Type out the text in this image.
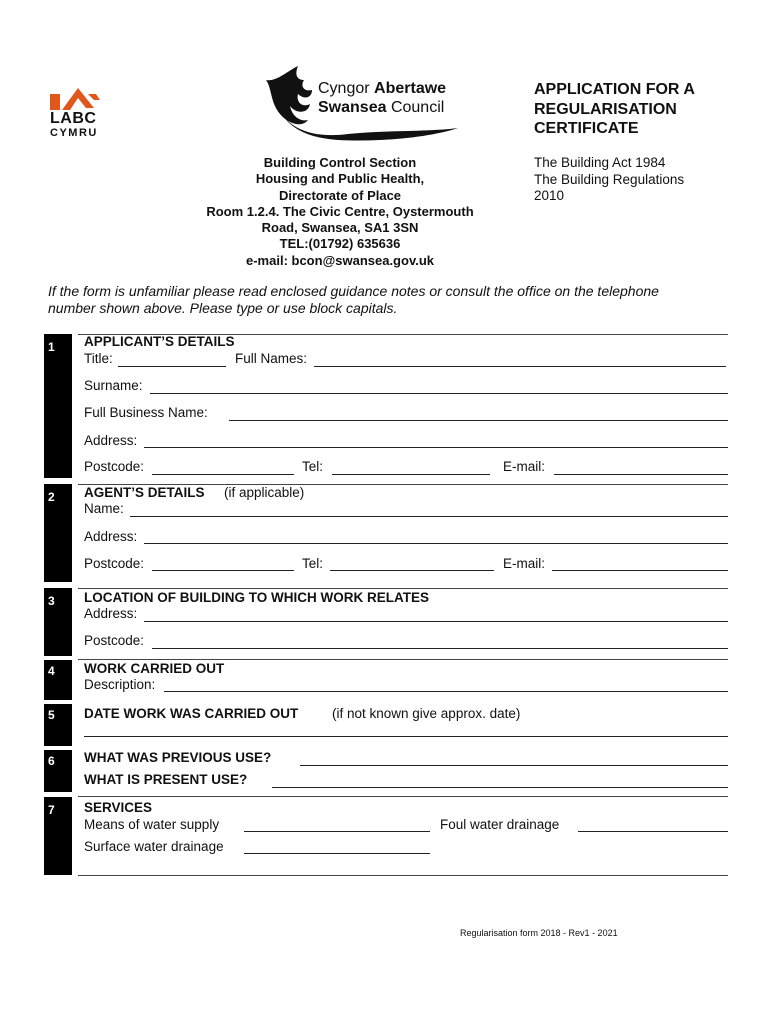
LABC
CYMRU
Cyngor Abertawe
Swansea Council
APPLICATION FOR A
REGULARISATION
CERTIFICATE
The Building Act 1984
The Building Regulations
2010
Building Control Section
Housing and Public Health,
Directorate of Place
Room 1.2.4. The Civic Centre, Oystermouth
Road, Swansea, SA1 3SN
TEL:(01792) 635636
e-mail: bcon@swansea.gov.uk
If the form is unfamiliar please read enclosed guidance notes or consult the office on the telephone
number shown above. Please type or use block capitals.
1 APPLICANT’S DETAILS
Title:	Full Names:
Surname:
Full Business Name:
Address:
Postcode:	Tel:	E-mail:
2 AGENT’S DETAILS (if applicable)
Name:
Address:
Postcode:	Tel:	E-mail:
3 LOCATION OF BUILDING TO WHICH WORK RELATES
Address:
Postcode:
4 WORK CARRIED OUT
Description:
5 DATE WORK WAS CARRIED OUT	(if not known give approx. date)
6 WHAT WAS PREVIOUS USE?
WHAT IS PRESENT USE?
7 SERVICES
Means of water supply	Foul water drainage
Surface water drainage
Regularisation form 2018 - Rev1 - 2021
